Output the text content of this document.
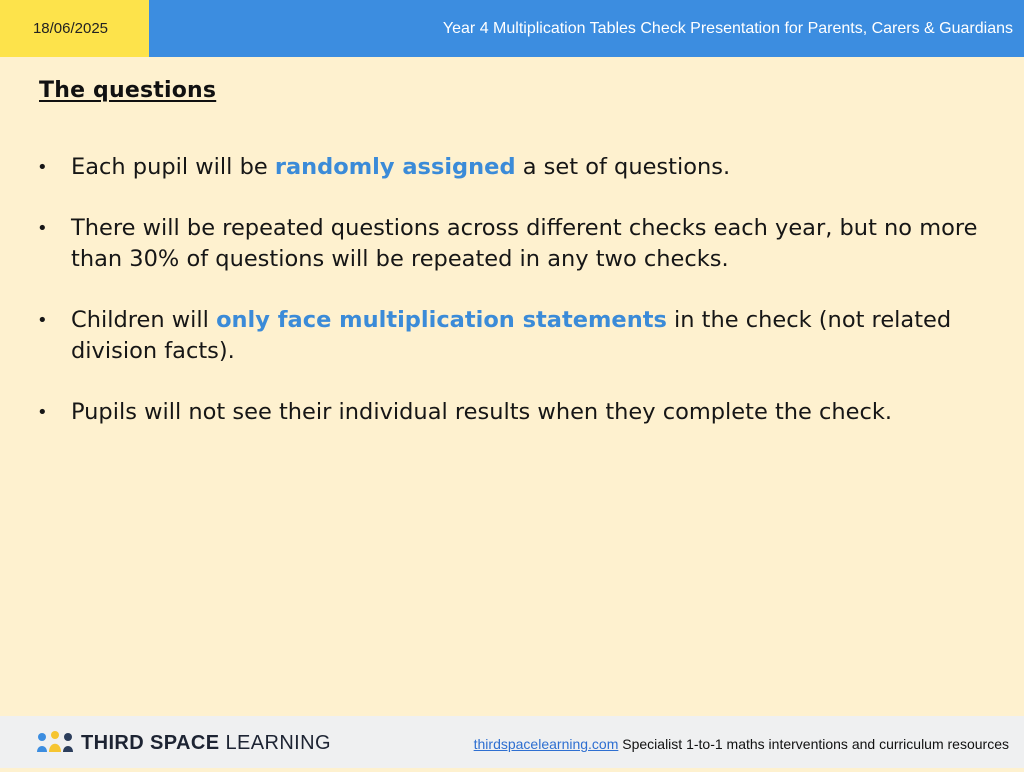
18/06/2025	Year 4 Multiplication Tables Check Presentation for Parents, Carers & Guardians
The questions
• Each pupil will be randomly assigned a set of questions.
• There will be repeated questions across different checks each year, but no more than 30% of questions will be repeated in any two checks.
• Children will only face multiplication statements in the check (not related division facts).
• Pupils will not see their individual results when they complete the check.
THIRD SPACE LEARNING	thirdspacelearning.com Specialist 1-to-1 maths interventions and curriculum resources
